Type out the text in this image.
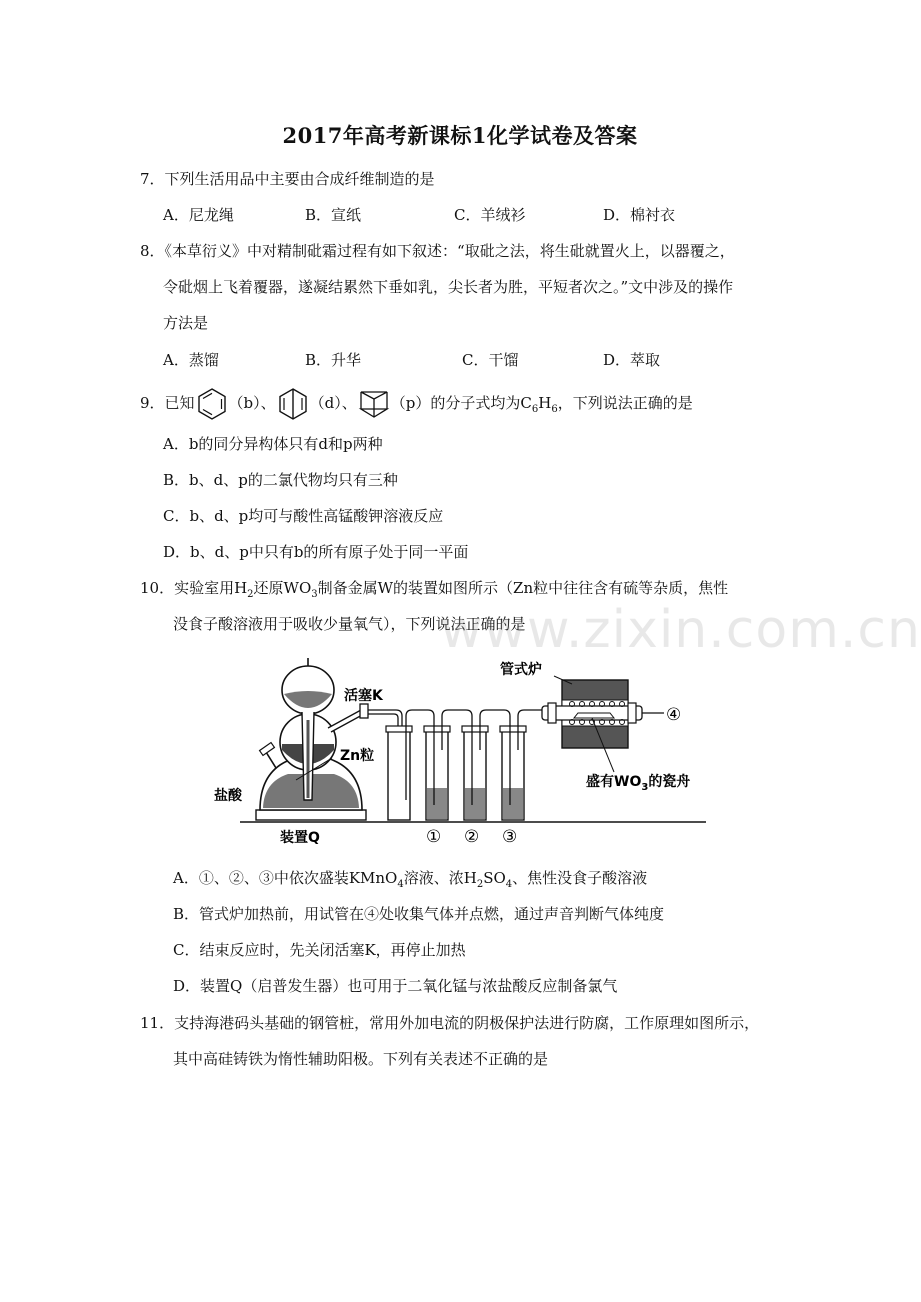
2017年高考新课标1化学试卷及答案
7．下列生活用品中主要由合成纤维制造的是
A．尼龙绳	B．宣纸	C．羊绒衫	D．棉衬衣
8．《本草衍义》中对精制砒霜过程有如下叙述：“取砒之法，将生砒就置火上，以器覆之，
令砒烟上飞着覆器，遂凝结累然下垂如乳，尖长者为胜，平短者次之。”文中涉及的操作
方法是
A．蒸馏	B．升华	C．干馏	D．萃取
9．已知 （b）、 （d）、 （p）的分子式均为$C_6H_6$，下列说法正确的是
A．b的同分异构体只有d和p两种
B．b、d、p的二氯代物均只有三种
C．b、d、p均可与酸性高锰酸钾溶液反应
D．b、d、p中只有b的所有原子处于同一平面
10．实验室用$H_2$还原$WO_3$制备金属W的装置如图所示（Zn粒中往往含有硫等杂质，焦性
没食子酸溶液用于吸收少量氧气），下列说法正确的是
www.zixin.com.cn
管式炉
活塞K
Zn粒
盐酸
装置Q
盛有$WO_3$的瓷舟
① ② ③
④
A．①、②、③中依次盛装KMnO$_4$溶液、浓$H_2SO_4$、焦性没食子酸溶液
B．管式炉加热前，用试管在④处收集气体并点燃，通过声音判断气体纯度
C．结束反应时，先关闭活塞K，再停止加热
D．装置Q（启普发生器）也可用于二氧化锰与浓盐酸反应制备氯气
11．支持海港码头基础的钢管桩，常用外加电流的阴极保护法进行防腐，工作原理如图所示，
其中高硅铸铁为惰性辅助阳极。下列有关表述不正确的是
